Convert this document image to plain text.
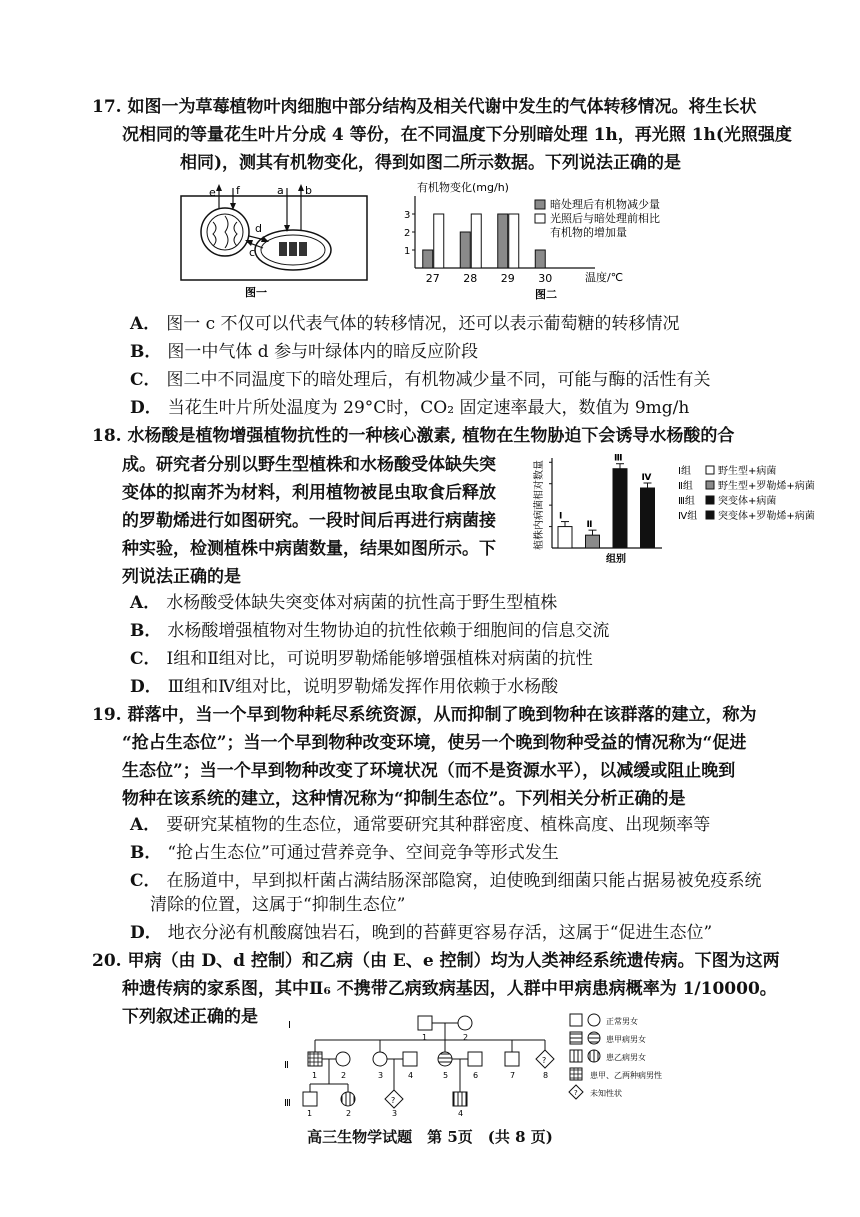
17. 如图一为草莓植物叶肉细胞中部分结构及相关代谢中发生的气体转移情况。将生长状
况相同的等量花生叶片分成 4 等份，在不同温度下分别暗处理 1h，再光照 1h(光照强度
相同)，测其有机物变化，得到如图二所示数据。下列说法正确的是
e f	a b
d
c
图一
有机物变化(mg/h)
温度/℃
图二
暗处理后有机物减少量
光照后与暗处理前相比
有机物的增加量
1
2
3
27 28 29 30
A． 图一 c 不仅可以代表气体的转移情况，还可以表示葡萄糖的转移情况
B． 图一中气体 d 参与叶绿体内的暗反应阶段
C． 图二中不同温度下的暗处理后，有机物减少量不同，可能与酶的活性有关
D． 当花生叶片所处温度为 29°C时，CO₂ 固定速率最大，数值为 9mg/h
18. 水杨酸是植物增强植物抗性的一种核心激素, 植物在生物胁迫下会诱导水杨酸的合
成。研究者分别以野生型植株和水杨酸受体缺失突
变体的拟南芥为材料，利用植物被昆虫取食后释放
的罗勒烯进行如图研究。一段时间后再进行病菌接
种实验，检测植株中病菌数量，结果如图所示。下
列说法正确的是
植株内病菌相对数量
组别
Ⅰ
Ⅱ
Ⅲ
Ⅳ
Ⅰ组	野生型+病菌
Ⅱ组	野生型+罗勒烯+病菌
Ⅲ组 突变体+病菌
Ⅳ组 突变体+罗勒烯+病菌
A． 水杨酸受体缺失突变体对病菌的抗性高于野生型植株
B． 水杨酸增强植物对生物协迫的抗性依赖于细胞间的信息交流
C． Ⅰ组和Ⅱ组对比，可说明罗勒烯能够增强植株对病菌的抗性
D． Ⅲ组和Ⅳ组对比，说明罗勒烯发挥作用依赖于水杨酸
19. 群落中，当一个早到物种耗尽系统资源，从而抑制了晚到物种在该群落的建立，称为
“抢占生态位”；当一个早到物种改变环境，使另一个晚到物种受益的情况称为“促进
生态位”；当一个早到物种改变了环境状况（而不是资源水平），以减缓或阻止晚到
物种在该系统的建立，这种情况称为“抑制生态位”。下列相关分析正确的是
A． 要研究某植物的生态位，通常要研究其种群密度、植株高度、出现频率等
B． “抢占生态位”可通过营养竞争、空间竞争等形式发生
C． 在肠道中，早到拟杆菌占满结肠深部隐窝，迫使晚到细菌只能占据易被免疫系统
清除的位置，这属于“抑制生态位”
D． 地衣分泌有机酸腐蚀岩石，晚到的苔藓更容易存活，这属于“促进生态位”
20. 甲病（由 D、d 控制）和乙病（由 E、e 控制）均为人类神经系统遗传病。下图为这两
种遗传病的家系图，其中Ⅱ₆ 不携带乙病致病基因，人群中甲病患病概率为 1/10000。
下列叙述正确的是	Ⅰ
Ⅱ
Ⅲ
1	2
?
1	2	3	4	5	6	7	8
?
1	2	3	4
正常男女
患甲病男女
患乙病男女
患甲、乙两种病男性
? 未知性状
高三生物学试题　第 5页　(共 8 页)
